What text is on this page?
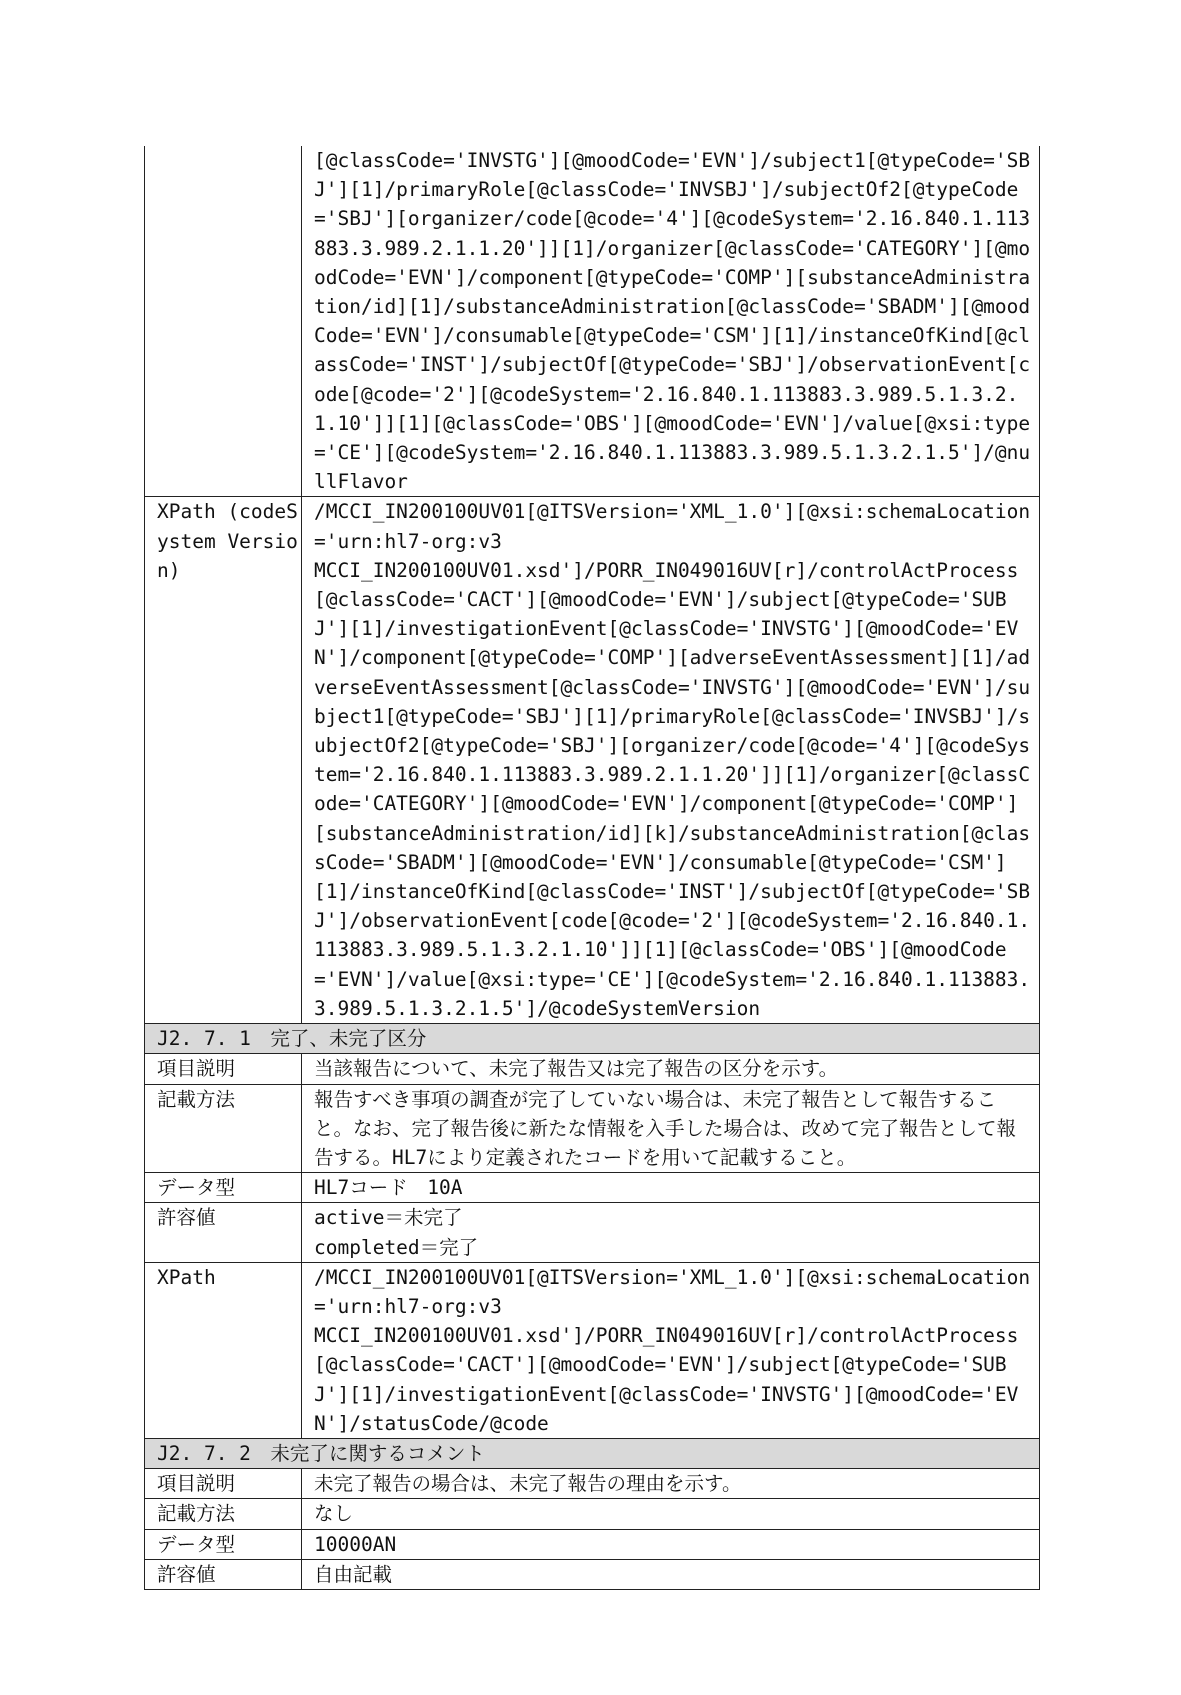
	[@classCode='INVSTG'][@moodCode='EVN']/subject1[@typeCode='SBJ'][1]/primaryRole[@classCode='INVSBJ']/subjectOf2[@typeCode='SBJ'][organizer/code[@code='4'][@codeSystem='2.16.840.1.113883.3.989.2.1.1.20']][1]/organizer[@classCode='CATEGORY'][@moodCode='EVN']/component[@typeCode='COMP'][substanceAdministration/id][1]/substanceAdministration[@classCode='SBADM'][@moodCode='EVN']/consumable[@typeCode='CSM'][1]/instanceOfKind[@classCode='INST']/subjectOf[@typeCode='SBJ']/observationEvent[code[@code='2'][@codeSystem='2.16.840.1.113883.3.989.5.1.3.2.1.10']][1][@classCode='OBS'][@moodCode='EVN']/value[@xsi:type='CE'][@codeSystem='2.16.840.1.113883.3.989.5.1.3.2.1.5']/@nullFlavor
XPath (codeSystem Version)	/MCCI_IN200100UV01[@ITSVersion='XML_1.0'][@xsi:schemaLocation='urn:hl7-org:v3
MCCI_IN200100UV01.xsd']/PORR_IN049016UV[r]/controlActProcess[@classCode='CACT'][@moodCode='EVN']/subject[@typeCode='SUBJ'][1]/investigationEvent[@classCode='INVSTG'][@moodCode='EVN']/component[@typeCode='COMP'][adverseEventAssessment][1]/adverseEventAssessment[@classCode='INVSTG'][@moodCode='EVN']/subject1[@typeCode='SBJ'][1]/primaryRole[@classCode='INVSBJ']/subjectOf2[@typeCode='SBJ'][organizer/code[@code='4'][@codeSystem='2.16.840.1.113883.3.989.2.1.1.20']][1]/organizer[@classCode='CATEGORY'][@moodCode='EVN']/component[@typeCode='COMP'][substanceAdministration/id][k]/substanceAdministration[@classCode='SBADM'][@moodCode='EVN']/consumable[@typeCode='CSM'][1]/instanceOfKind[@classCode='INST']/subjectOf[@typeCode='SBJ']/observationEvent[code[@code='2'][@codeSystem='2.16.840.1.113883.3.989.5.1.3.2.1.10']][1][@classCode='OBS'][@moodCode='EVN']/value[@xsi:type='CE'][@codeSystem='2.16.840.1.113883.3.989.5.1.3.2.1.5']/@codeSystemVersion

J2. 7. 1　完了、未完了区分	
項目説明	当該報告について、未完了報告又は完了報告の区分を示す。
記載方法	報告すべき事項の調査が完了していない場合は、未完了報告として報告すること。なお、完了報告後に新たな情報を入手した場合は、改めて完了報告として報告する。HL7により定義されたコードを用いて記載すること。
データ型	HL7コード　10A
許容値	active＝未完了
completed＝完了

XPath	/MCCI_IN200100UV01[@ITSVersion='XML_1.0'][@xsi:schemaLocation='urn:hl7-org:v3
MCCI_IN200100UV01.xsd']/PORR_IN049016UV[r]/controlActProcess[@classCode='CACT'][@moodCode='EVN']/subject[@typeCode='SUBJ'][1]/investigationEvent[@classCode='INVSTG'][@moodCode='EVN']/statusCode/@code

J2. 7. 2　未完了に関するコメント	
項目説明	未完了報告の場合は、未完了報告の理由を示す。
記載方法	なし
データ型	10000AN
許容値	自由記載
